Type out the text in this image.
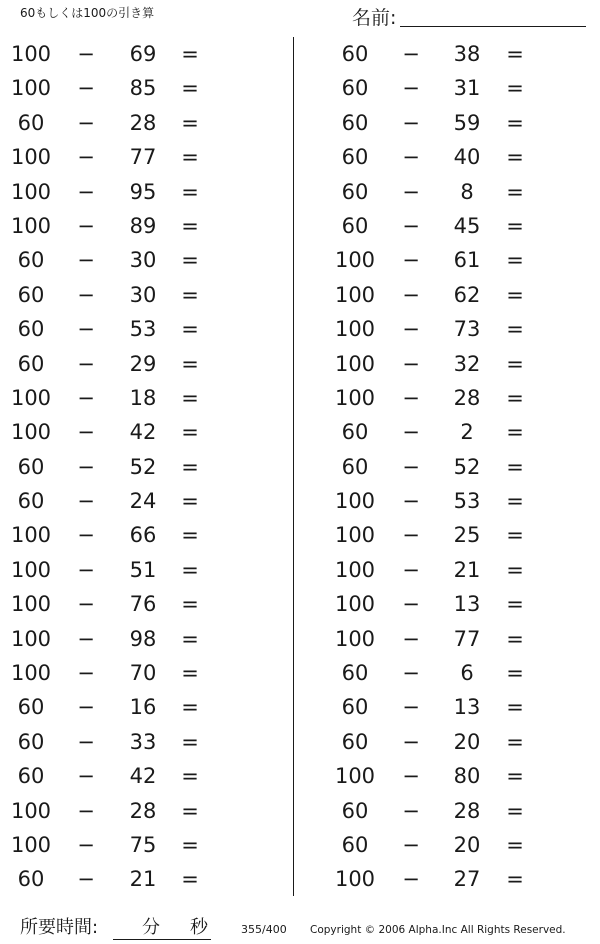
60もしくは100の引き算	名前:
100 −	69	=
100 −	85	=
60	−	28	=
100 −	77	=
100 −	95	=
100 −	89	=
60	−	30	=
60	−	30	=
60	−	53	=
60	−	29	=
100 −	18	=
100 −	42	=
60	−	52	=
60	−	24	=
100 −	66	=
100 −	51	=
100 −	76	=
100 −	98	=
100 −	70	=
60	−	16	=
60	−	33	=
60	−	42	=
100 −	28	=
100 −	75	=
60	−	21	=
60	−	38	=
60	−	31	=
60	−	59	=
60	−	40	=
60	−	8	=
60	−	45	=
100 −	61	=
100 −	62	=
100 −	73	=
100 −	32	=
100 −	28	=
60	−	2	=
60	−	52	=
100 −	53	=
100 −	25	=
100 −	21	=
100 −	13	=
100 −	77	=
60	−	6	=
60	−	13	=
60	−	20	=
100 −	80	=
60	−	28	=
60	−	20	=
100 −	27	=
所要時間: 分 秒	355/400 Copyright © 2006 Alpha.Inc All Rights Reserved.
